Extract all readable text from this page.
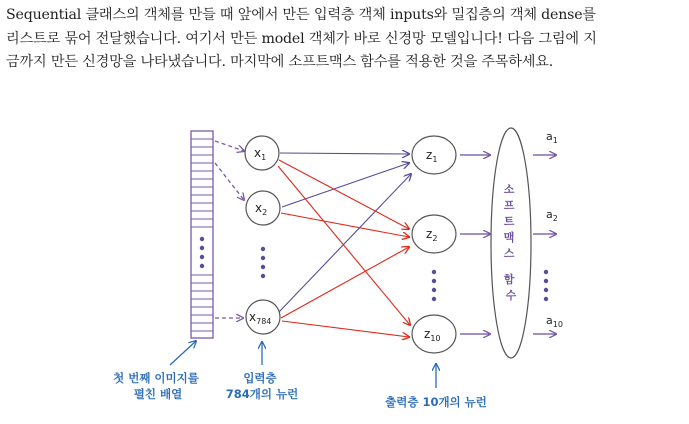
Sequential 클래스의 객체를 만들 때 앞에서 만든 입력층 객체 inputs와 밀집층의 객체 dense를
리스트로 묶어 전달했습니다. 여기서 만든 model 객체가 바로 신경망 모델입니다! 다음 그림에 지
금까지 만든 신경망을 나타냈습니다. 마지막에 소프트맥스 함수를 적용한 것을 주목하세요.
$x_1$
$x_2$
$x_{784}$
$z_1$
$z_2$
$z_{10}$
소 프 트 맥 스 함 수
$a_1$
$a_2$
$a_{10}$
첫 번째 이미지를 펼친 배열
입력층 784개의 뉴런
출력층 10개의 뉴런
